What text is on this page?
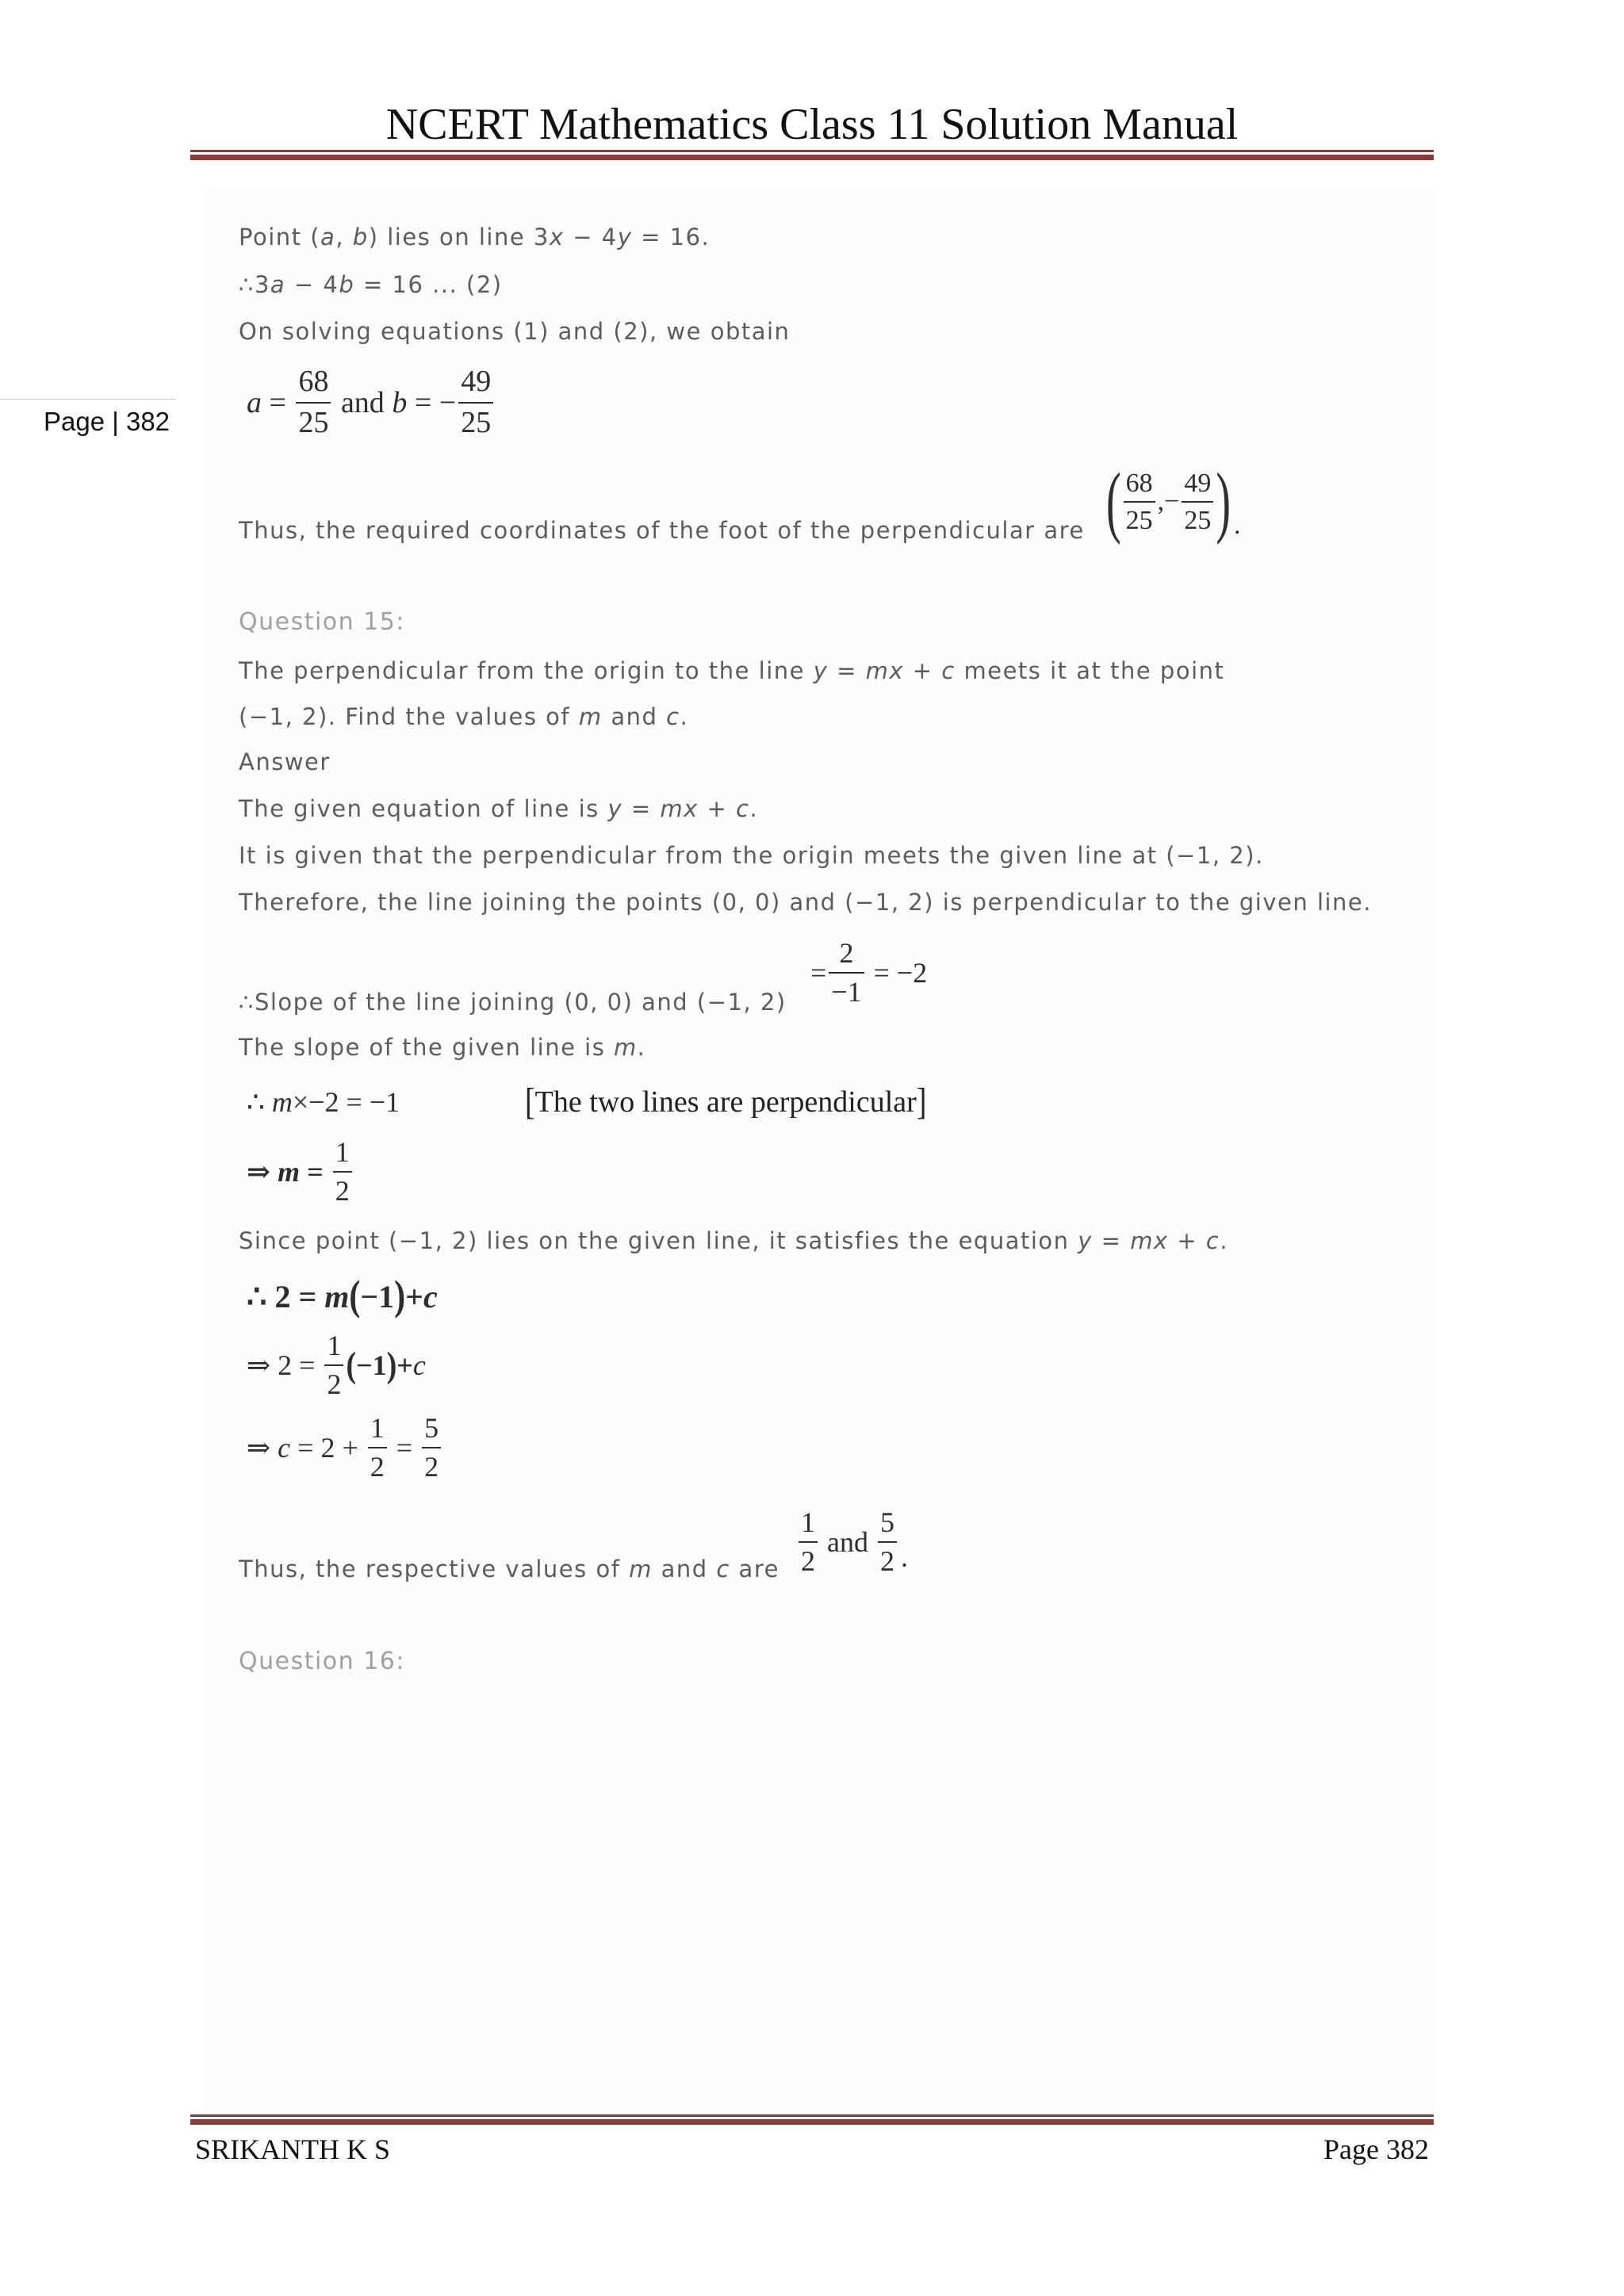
NCERT Mathematics Class 11 Solution Manual
Page | 382
Point (a, b) lies on line 3x − 4y = 16.
∴3a − 4b = 16 ... (2)
On solving equations (1) and (2), we obtain
$a = \frac{68}{25}$ and b = − $\frac{49}{25}$
Thus, the required coordinates of the foot of the perpendicular are ( $\frac{68}{25}$ , − $\frac{49}{25}$ ) .
Question 15:
The perpendicular from the origin to the line y = mx + c meets it at the point
(−1, 2). Find the values of m and c.
Answer
The given equation of line is y = mx + c.
It is given that the perpendicular from the origin meets the given line at (−1, 2).
Therefore, the line joining the points (0, 0) and (−1, 2) is perpendicular to the given line.
∴Slope of the line joining (0, 0) and (−1, 2)
= $\frac{2}{-1} = -2$
The slope of the given line is m.
∴ m ×−2 = −1	[ The two lines are perpendicular ]
⇒ $m = \frac{1}{2}$
Since point (−1, 2) lies on the given line, it satisfies the equation y = mx + c.
∴ 2 = m ( −1 ) + c
⇒ $2 = \frac{1}{2}$ ( −1 ) + c
⇒ $c = 2 + \frac{1}{2} = \frac{5}{2}$
Thus, the respective values of m and c are $\frac{1}{2}$ and $\frac{5}{2}$ .
Question 16:
SRIKANTH K S	Page 382
